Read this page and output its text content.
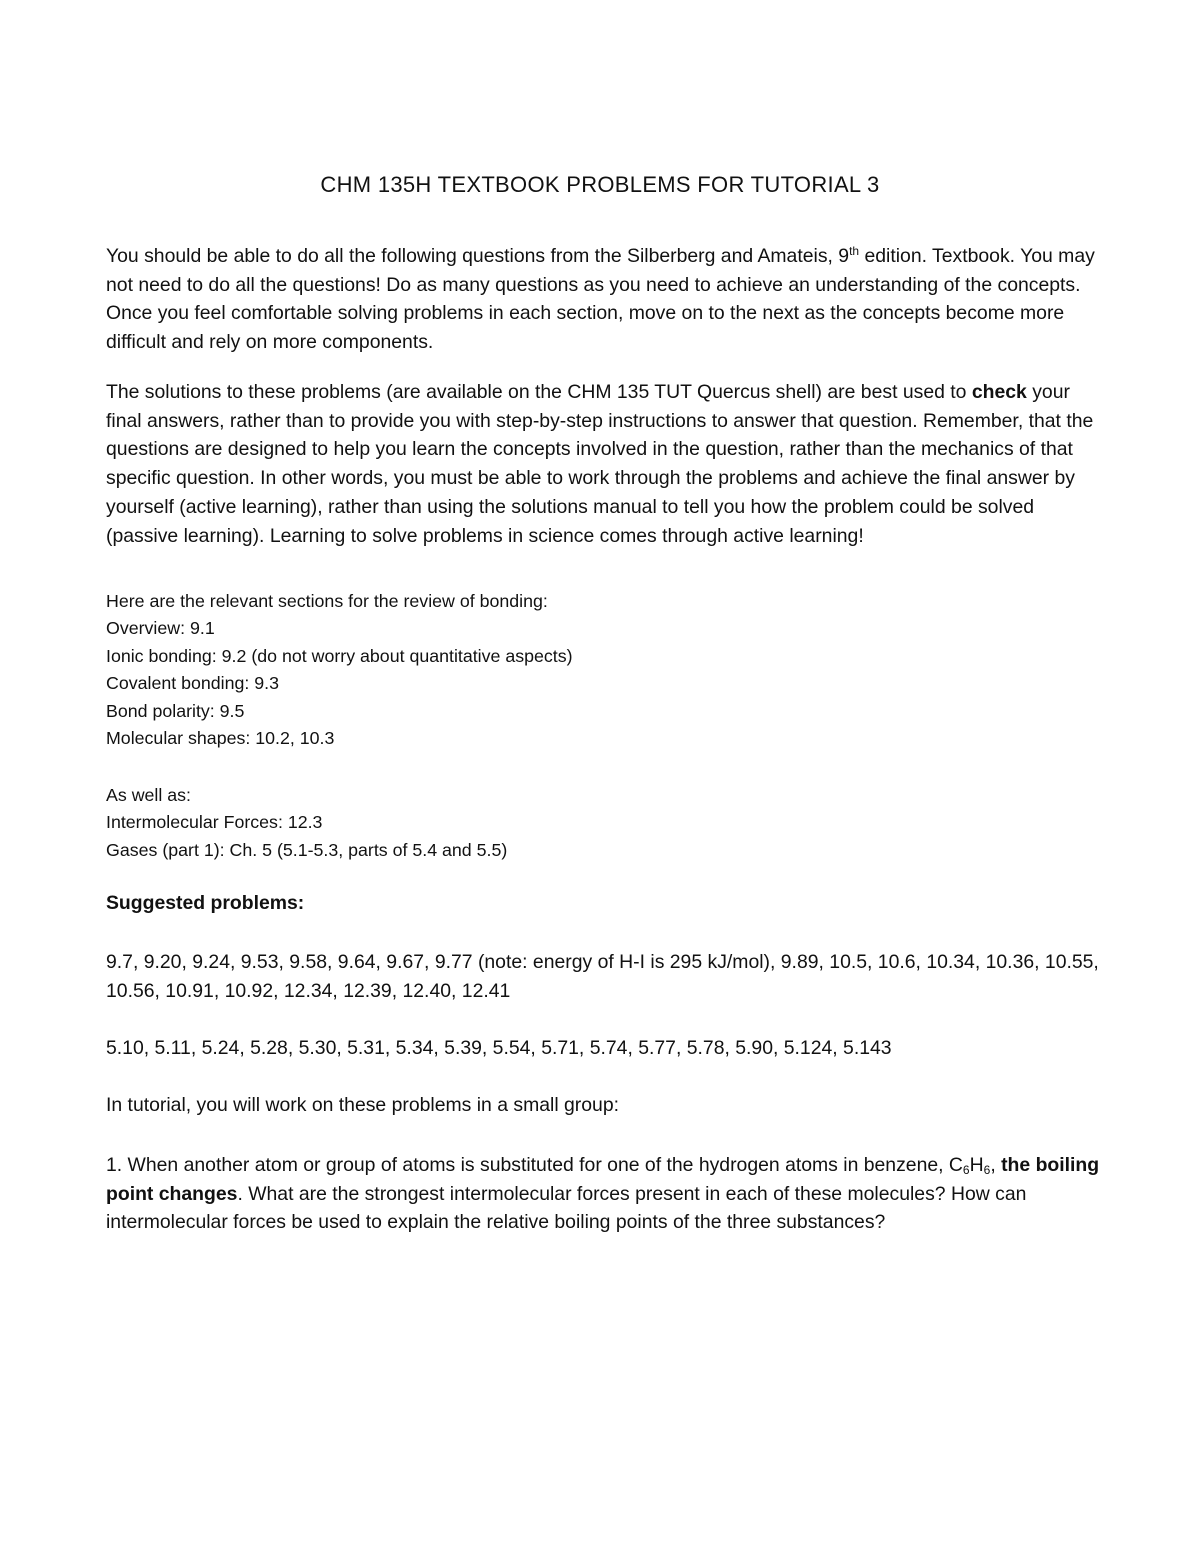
CHM 135H TEXTBOOK PROBLEMS FOR TUTORIAL 3

You should be able to do all the following questions from the Silberberg and Amateis, 9th edition. Textbook. You may not need to do all the questions! Do as many questions as you need to achieve an understanding of the concepts. Once you feel comfortable solving problems in each section, move on to the next as the concepts become more difficult and rely on more components.

The solutions to these problems (are available on the CHM 135 TUT Quercus shell) are best used to check your final answers, rather than to provide you with step-by-step instructions to answer that question. Remember, that the questions are designed to help you learn the concepts involved in the question, rather than the mechanics of that specific question. In other words, you must be able to work through the problems and achieve the final answer by yourself (active learning), rather than using the solutions manual to tell you how the problem could be solved (passive learning). Learning to solve problems in science comes through active learning!

Here are the relevant sections for the review of bonding:
Overview: 9.1
Ionic bonding: 9.2 (do not worry about quantitative aspects)
Covalent bonding: 9.3
Bond polarity: 9.5
Molecular shapes: 10.2, 10.3
As well as:
Intermolecular Forces: 12.3
Gases (part 1): Ch. 5 (5.1-5.3, parts of 5.4 and 5.5)
Suggested problems:

9.7, 9.20, 9.24, 9.53, 9.58, 9.64, 9.67, 9.77 (note: energy of H-I is 295 kJ/mol), 9.89, 10.5, 10.6, 10.34, 10.36, 10.55, 10.56, 10.91, 10.92, 12.34, 12.39, 12.40, 12.41

5.10, 5.11, 5.24, 5.28, 5.30, 5.31, 5.34, 5.39, 5.54, 5.71, 5.74, 5.77, 5.78, 5.90, 5.124, 5.143

In tutorial, you will work on these problems in a small group:

1. When another atom or group of atoms is substituted for one of the hydrogen atoms in benzene, $C_6H_6$, the boiling point changes. What are the strongest intermolecular forces present in each of these molecules? How can intermolecular forces be used to explain the relative boiling points of the three substances?
